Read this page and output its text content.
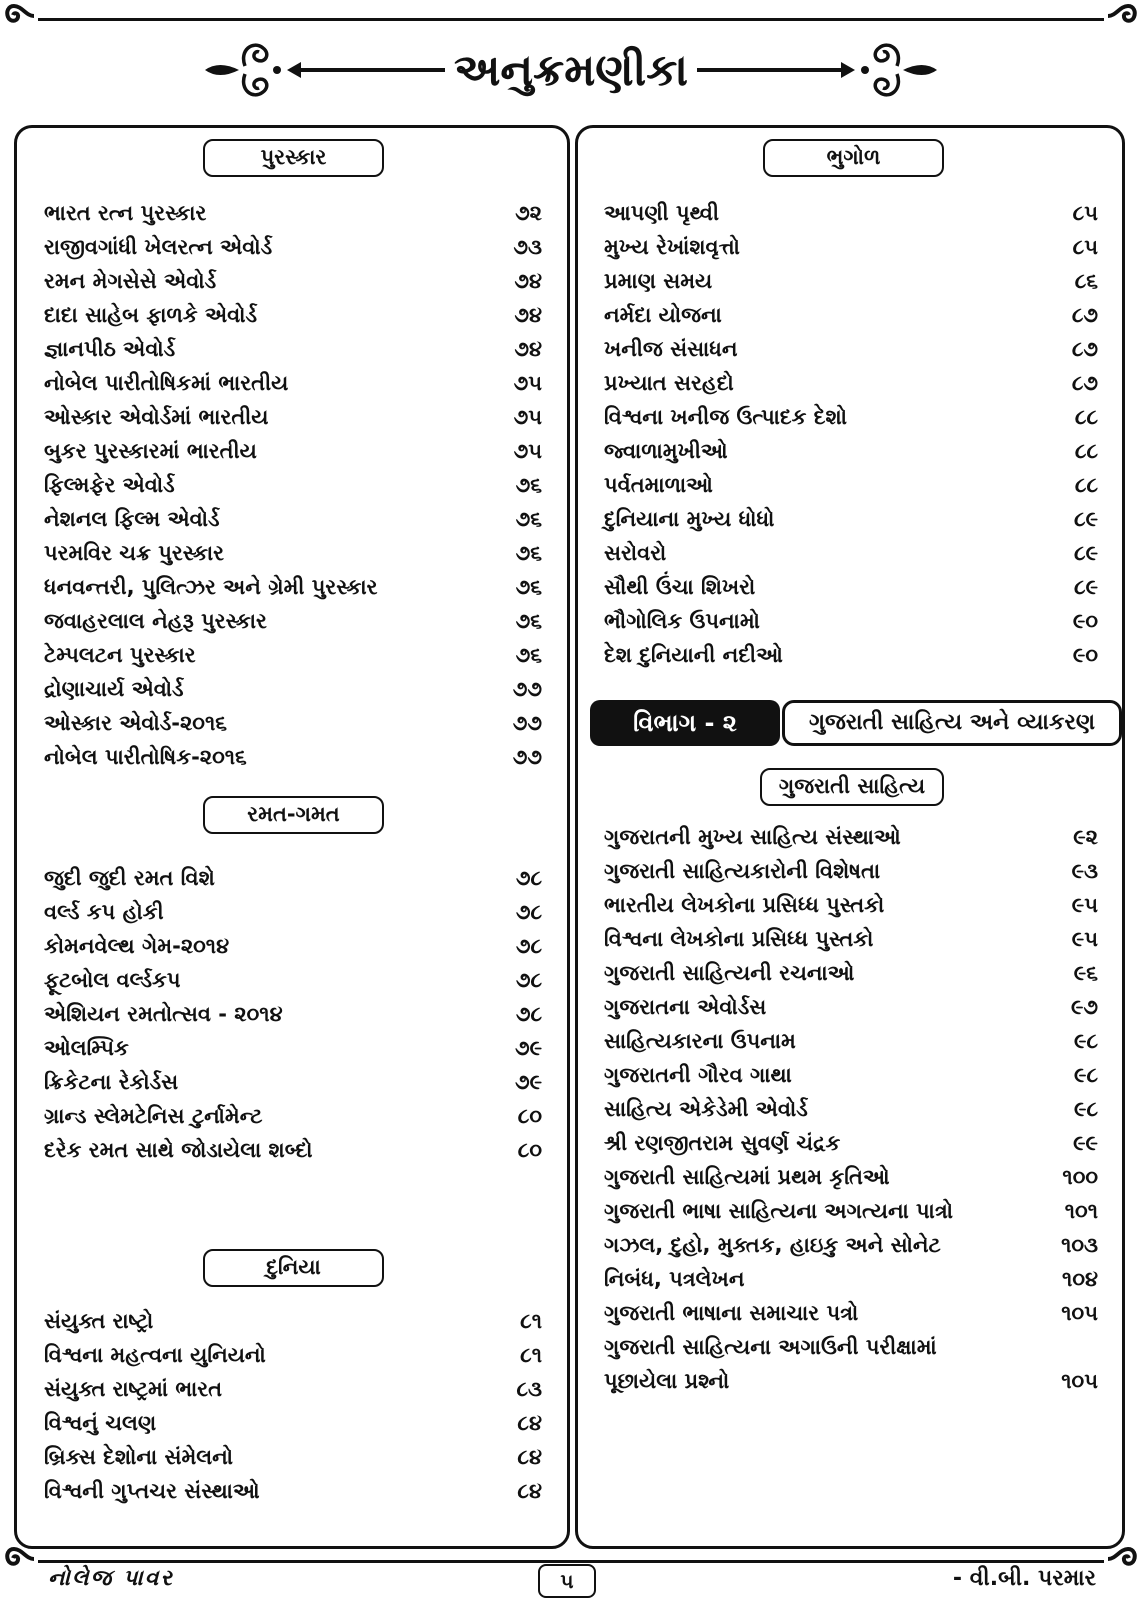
અનુક્રમણીકા
પુરસ્કાર
ભારત રત્ન પુરસ્કાર	૭૨
રાજીવગાંધી ખેલરત્ન એવોર્ડ	૭૩
રમન મેગસેસે એવોર્ડ	૭૪
દાદા સાહેબ ફાળકે એવોર્ડ	૭૪
જ્ઞાનપીઠ એવોર્ડ	૭૪
નોબેલ પારીતોષિકમાં ભારતીય	૭૫
ઓસ્કાર એવોર્ડમાં ભારતીય	૭૫
બુકર પુરસ્કારમાં ભારતીય	૭૫
ફિલ્મફેર એવોર્ડ	૭૬
નેશનલ ફિલ્મ એવોર્ડ	૭૬
પરમવિર ચક્ર પુરસ્કાર	૭૬
ધનવન્તરી, પુલિત્ઝર અને ગ્રેમી પુરસ્કાર	૭૬
જવાહરલાલ નેહરૂ પુરસ્કાર	૭૬
ટેમ્પલટન પુરસ્કાર	૭૬
દ્રોણાચાર્ય એવોર્ડ	૭૭
ઓસ્કાર એવોર્ડ-૨૦૧૬	૭૭
નોબેલ પારીતોષિક-૨૦૧૬	૭૭
રમત-ગમત
જુદી જુદી રમત વિશે	૭૮
વર્લ્ડ કપ હોકી	૭૮
કોમનવેલ્થ ગેમ-૨૦૧૪	૭૮
ફૂટબોલ વર્લ્ડકપ	૭૮
એશિયન રમતોત્સવ - ૨૦૧૪	૭૮
ઓલમ્પિક	૭૯
ક્રિકેટના રેકોર્ડસ	૭૯
ગ્રાન્ડ સ્લેમટેનિસ ટુર્નામેન્ટ	૮૦
દરેક રમત સાથે જોડાયેલા શબ્દો	૮૦
દુનિયા
સંયુક્ત રાષ્ટ્રો	૮૧
વિશ્વના મહત્વના યુનિયનો	૮૧
સંયુક્ત રાષ્ટ્રમાં ભારત	૮૩
વિશ્વનું ચલણ	૮૪
બ્રિક્સ દેશોના સંમેલનો	૮૪
વિશ્વની ગુપ્તચર સંસ્થાઓ	૮૪
ભુગોળ
આપણી પૃથ્વી	૮૫
મુખ્ય રેખાંશવૃત્તો	૮૫
પ્રમાણ સમય	૮૬
નર્મદા યોજના	૮૭
ખનીજ સંસાધન	૮૭
પ્રખ્યાત સરહદો	૮૭
વિશ્વના ખનીજ ઉત્પાદક દેશો	૮૮
જ્વાળામુખીઓ	૮૮
પર્વતમાળાઓ	૮૮
દુનિયાના મુખ્ય ધોધો	૮૯
સરોવરો	૮૯
સૌથી ઉંચા શિખરો	૮૯
ભૌગોલિક ઉપનામો	૯૦
દેશ દુનિયાની નદીઓ	૯૦
વિભાગ - ૨	ગુજરાતી સાહિત્ય અને વ્યાકરણ
ગુજરાતી સાહિત્ય
ગુજરાતની મુખ્ય સાહિત્ય સંસ્થાઓ	૯૨
ગુજરાતી સાહિત્યકારોની વિશેષતા	૯૩
ભારતીય લેખકોના પ્રસિધ્ધ પુસ્તકો	૯૫
વિશ્વના લેખકોના પ્રસિધ્ધ પુસ્તકો	૯૫
ગુજરાતી સાહિત્યની રચનાઓ	૯૬
ગુજરાતના એવોર્ડસ	૯૭
સાહિત્યકારના ઉપનામ	૯૮
ગુજરાતની ગૌરવ ગાથા	૯૮
સાહિત્ય એકેડેમી એવોર્ડ	૯૮
શ્રી રણજીતરામ સુવર્ણ ચંદ્રક	૯૯
ગુજરાતી સાહિત્યમાં પ્રથમ કૃતિઓ	૧૦૦
ગુજરાતી ભાષા સાહિત્યના અગત્યના પાત્રો	૧૦૧
ગઝલ, દુહો, મુક્તક, હાઇકુ અને સોનેટ	૧૦૩
નિબંધ, પત્રલેખન	૧૦૪
ગુજરાતી ભાષાના સમાચાર પત્રો	૧૦૫
ગુજરાતી સાહિત્યના અગાઉની પરીક્ષામાં
પૂછાયેલા પ્રશ્નો	૧૦૫
નોલેજ પાવર	૫	- વી.બી. પરમાર
